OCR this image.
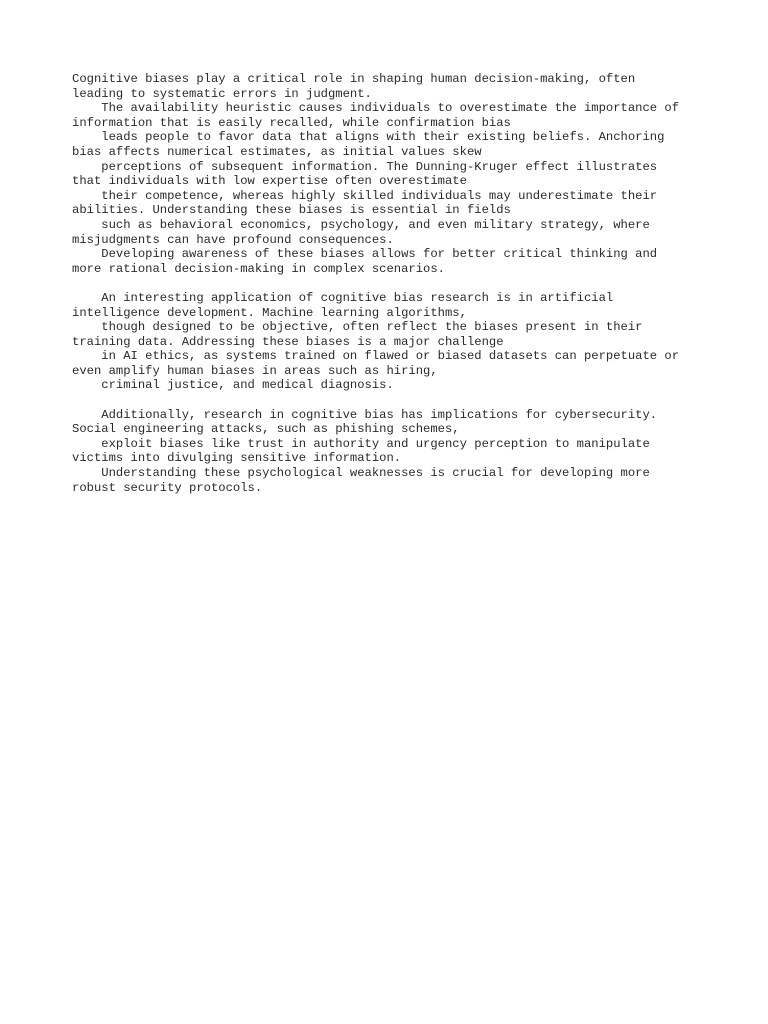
Cognitive biases play a critical role in shaping human decision-making, often
leading to systematic errors in judgment.
The availability heuristic causes individuals to overestimate the importance of
information that is easily recalled, while confirmation bias
leads people to favor data that aligns with their existing beliefs. Anchoring
bias affects numerical estimates, as initial values skew
perceptions of subsequent information. The Dunning-Kruger effect illustrates
that individuals with low expertise often overestimate
their competence, whereas highly skilled individuals may underestimate their
abilities. Understanding these biases is essential in fields
such as behavioral economics, psychology, and even military strategy, where
misjudgments can have profound consequences.
Developing awareness of these biases allows for better critical thinking and
more rational decision-making in complex scenarios.
An interesting application of cognitive bias research is in artificial
intelligence development. Machine learning algorithms,
though designed to be objective, often reflect the biases present in their
training data. Addressing these biases is a major challenge
in AI ethics, as systems trained on flawed or biased datasets can perpetuate or
even amplify human biases in areas such as hiring,
criminal justice, and medical diagnosis.
Additionally, research in cognitive bias has implications for cybersecurity.
Social engineering attacks, such as phishing schemes,
exploit biases like trust in authority and urgency perception to manipulate
victims into divulging sensitive information.
Understanding these psychological weaknesses is crucial for developing more
robust security protocols.
